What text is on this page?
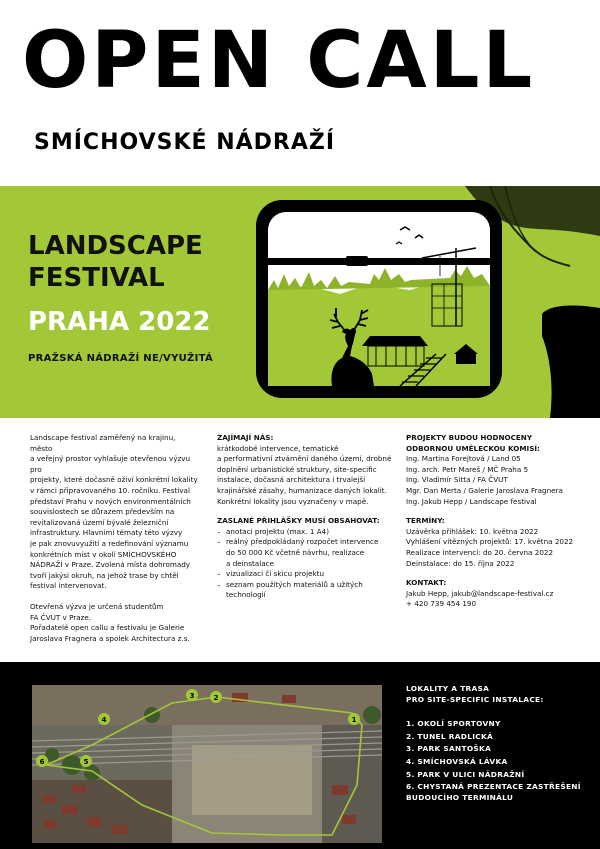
OPEN CALL
SMÍCHOVSKÉ NÁDRAŽÍ
LANDSCAPE
FESTIVAL
PRAHA 2022
PRAŽSKÁ NÁDRAŽÍ NE/VYUŽITÁ

Landscape festival zaměřený na krajinu, město
a veřejný prostor vyhlašuje otevřenou výzvu pro
projekty, které dočasně oživí konkrétní lokality
v rámci připravovaného 10. ročníku. Festival
představí Prahu v nových environmentálních
souvislostech se důrazem především na
revitalizovaná území bývalé železniční
infrastruktury. Hlavními tématy této výzvy
je pak znovuvyužití a redefinování významu
konkrétních míst v okolí SMÍCHOVSKÉHO
NÁDRAŽÍ v Praze. Zvolená místa dohromady
tvoří jakýsi okruh, na jehož trase by chtěl
festival intervenovat.

Otevřená výzva je určená studentům
FA ČVUT v Praze.
Pořadatelé open callu a festivalu je Galerie
Jaroslava Fragnera a spolek Architectura z.s.

ZAJÍMAJÍ NÁS:
krátkodobé intervence, tematické
a performativní ztvárnění daného území, drobné
doplnění urbanistické struktury, site-specific
instalace, dočasná architektura i trvalejší
krajinářské zásahy, humanizace daných lokalit.
Konkrétní lokality jsou vyznačeny v mapě.
ZASLANÉ PŘIHLÁŠKY MUSÍ OBSAHOVAT:
– anotaci projektu (max. 1 A4)
– reálný předpokládaný rozpočet intervence
do 50 000 Kč včetně návrhu, realizace
a deinstalace
– vizualizaci či skicu projektu
– seznam použitých materiálů a užitých
technologií
PROJEKTY BUDOU HODNOCENY
ODBORNOU UMĚLECKOU KOMISÍ:
Ing. Martina Forejtová / Land 05
Ing. arch. Petr Mareš / MČ Praha 5
Ing. Vladimír Sitta / FA ČVUT
Mgr. Dan Merta / Galerie Jaroslava Fragnera
Ing. Jakub Hepp / Landscape festival
TERMÍNY:
Uzávěrka přihlášek: 10. května 2022
Vyhlášení vítězných projektů: 17. května 2022
Realizace intervencí: do 20. června 2022
Deinstalace: do 15. října 2022
KONTAKT:
Jakub Hepp, jakub@landscape-festival.cz
+ 420 739 454 190
1
2
3
4
5
6
LOKALITY A TRASA
PRO SITE-SPECIFIC INSTALACE:
1. OKOLÍ SPORTOVNY
2. TUNEL RADLICKÁ
3. PARK SANTOŠKA
4. SMÍCHOVSKÁ LÁVKA
5. PARK V ULICI NÁDRAŽNÍ
6. CHYSTANÁ PREZENTACE ZASTŘEŠENÍ
BUDOUCÍHO TERMINÁLU
